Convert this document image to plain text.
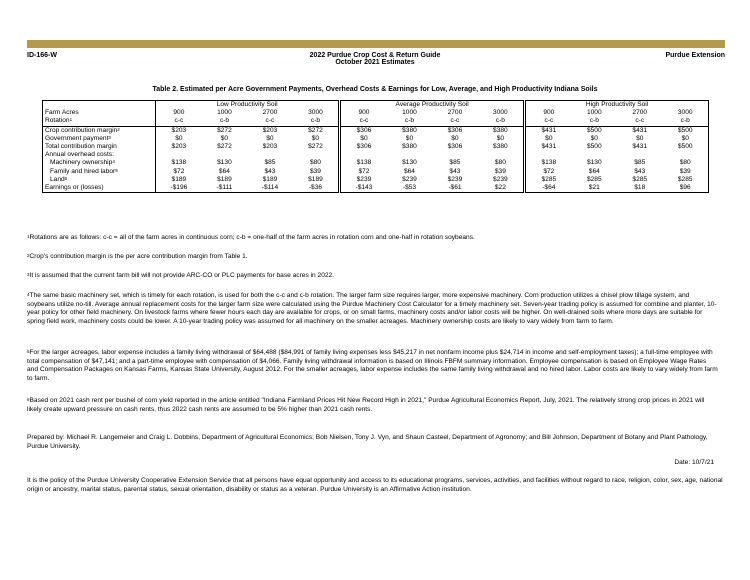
ID-166-W	2022 Purdue Crop Cost & Return Guide
October 2021 Estimates
Purdue Extension
Table 2. Estimated per Acre Government Payments, Overhead Costs & Earnings for Low, Average, and High Productivity Indiana Soils
	Low Productivity Soil				Average Productivity Soil				High Productivity Soil			
Farm Acres	900	1000	2700	3000	900	1000	2700	3000	900	1000	2700	3000
Rotation$^1$	c-c	c-b	c-c	c-b	c-c	c-b	c-c	c-b	c-c	c-b	c-c	c-b
Crop contribution margin$^2$	$203	$272	$203	$272	$306	$380	$306	$380	$431	$500	$431	$500
Government payment$^3$	$0	$0	$0	$0	$0	$0	$0	$0	$0	$0	$0	$0
Total contribution margin	$203	$272	$203	$272	$306	$380	$306	$380	$431	$500	$431	$500
Annual overhead costs:												
Machinery ownership$^4$	$138	$130	$85	$80	$138	$130	$85	$80	$138	$130	$85	$80
Family and hired labor$^5$	$72	$64	$43	$39	$72	$64	$43	$39	$72	$64	$43	$39
Land$^6$	$189	$189	$189	$189	$239	$239	$239	$239	$285	$285	$285	$285
Earnings or (losses)	-$196	-$111	-$114	-$36	-$143	-$53	-$61	$22	-$64	$21	$18	$96
$^1$Rotations are as follows: c-c = all of the farm acres in continuous corn; c-b = one-half of the farm acres in rotation corn and one-half in rotation soybeans.
$^2$Crop's contribution margin is the per acre contribution margin from Table 1.
$^3$It is assumed that the current farm bill will not provide ARC-CO or PLC payments for base acres in 2022.
$^4$The same basic machinery set, which is timely for each rotation, is used for both the c-c and c-b rotation. The larger farm size requires larger, more expensive machinery. Corn production utilizes a chisel plow tillage system, and soybeans utilize no-till. Average annual replacement costs for the larger farm size were calculated using the Purdue Machinery Cost Calculator for a timely machinery set. Seven-year trading policy is assumed for combine and planter, 10-year policy for other field machinery. On livestock farms where fewer hours each day are available for crops, or on small farms, machinery costs and/or labor costs will be higher. On well-drained soils where more days are suitable for spring field work, machinery costs could be lower. A 10-year trading policy was assumed for all machinery on the smaller acreages. Machinery ownership costs are likely to vary widely from farm to farm.
$^5$For the larger acreages, labor expense includes a family living withdrawal of $64,488 ($84,991 of family living expenses less $45,217 in net nonfarm income plus $24,714 in income and self-employment taxes); a full-time employee with total compensation of $47,141; and a part-time employee with compensation of $4,066. Family living withdrawal information is based on Illinois FBFM summary information. Employee compensation is based on Employee Wage Rates and Compensation Packages on Kansas Farms, Kansas State University, August 2012. For the smaller acreages, labor expense includes the same family living withdrawal and no hired labor. Labor costs are likely to vary widely from farm to farm.
$^6$Based on 2021 cash rent per bushel of corn yield reported in the article entitled "Indiana Farmland Prices Hit New Record High in 2021," Purdue Agricultural Economics Report, July, 2021. The relatively strong crop prices in 2021 will likely create upward pressure on cash rents, thus 2022 cash rents are assumed to be 5% higher than 2021 cash rents.
Prepared by: Michael R. Langemeier and Craig L. Dobbins, Department of Agricultural Economics; Bob Nielsen, Tony J. Vyn, and Shaun Casteel, Department of Agronomy; and Bill Johnson, Department of Botany and Plant Pathology, Purdue University.
Date: 10/7/21
It is the policy of the Purdue University Cooperative Extension Service that all persons have equal opportunity and access to its educational programs, services, activities, and facilities without regard to race, religion, color, sex, age, national origin or ancestry, marital status, parental status, sexual orientation, disability or status as a veteran. Purdue University is an Affirmative Action institution.
